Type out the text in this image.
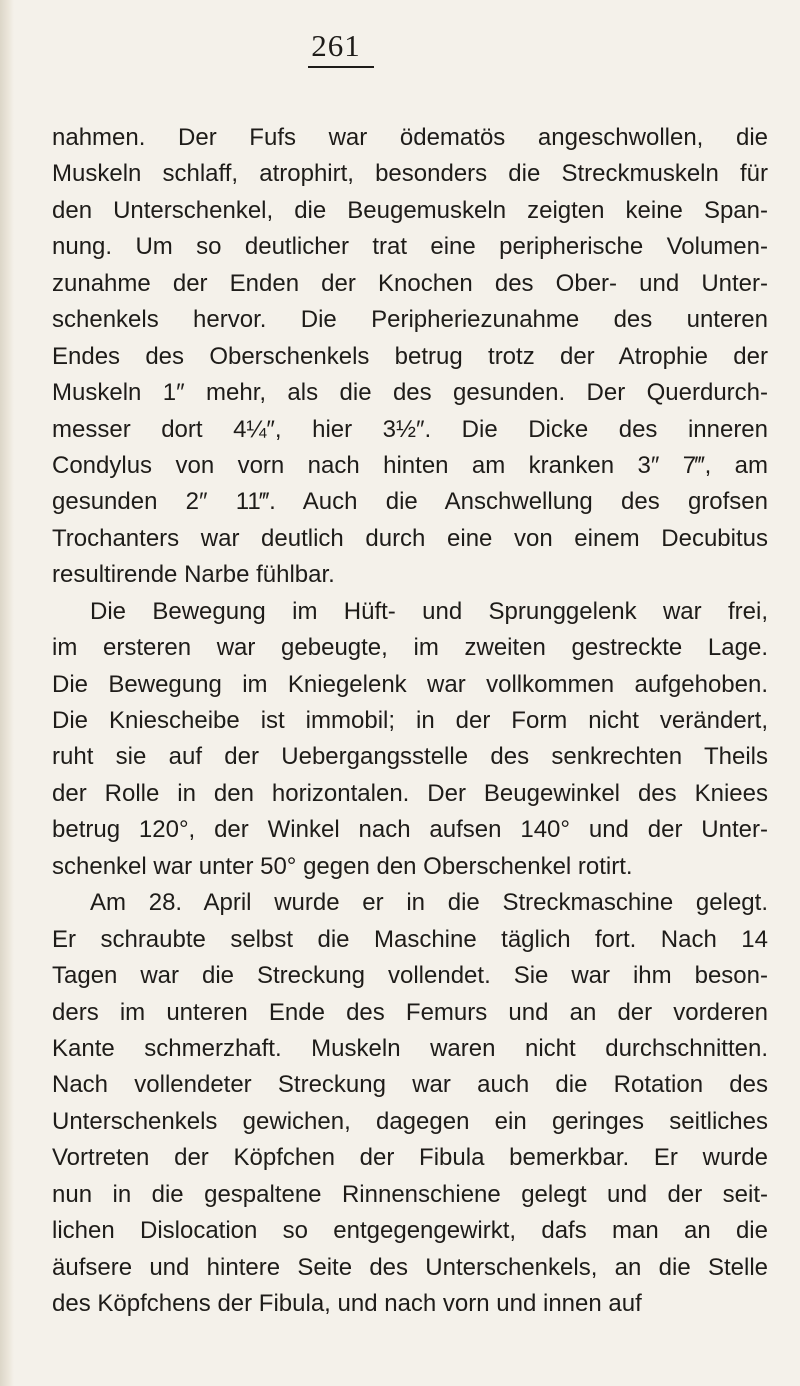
261
nahmen. Der Fufs war ödematös angeschwollen, die
Muskeln schlaff, atrophirt, besonders die Streckmuskeln für
den Unterschenkel, die Beugemuskeln zeigten keine Span-
nung. Um so deutlicher trat eine peripherische Volumen-
zunahme der Enden der Knochen des Ober- und Unter-
schenkels hervor. Die Peripheriezunahme des unteren
Endes des Oberschenkels betrug trotz der Atrophie der
Muskeln 1″ mehr, als die des gesunden. Der Querdurch-
messer dort 4¼″, hier 3½″. Die Dicke des inneren
Condylus von vorn nach hinten am kranken 3″ 7‴, am
gesunden 2″ 11‴. Auch die Anschwellung des grofsen
Trochanters war deutlich durch eine von einem Decubitus
resultirende Narbe fühlbar.
Die Bewegung im Hüft- und Sprunggelenk war frei,
im ersteren war gebeugte, im zweiten gestreckte Lage.
Die Bewegung im Kniegelenk war vollkommen aufgehoben.
Die Kniescheibe ist immobil; in der Form nicht verändert,
ruht sie auf der Uebergangsstelle des senkrechten Theils
der Rolle in den horizontalen. Der Beugewinkel des Kniees
betrug 120°, der Winkel nach aufsen 140° und der Unter-
schenkel war unter 50° gegen den Oberschenkel rotirt.
Am 28. April wurde er in die Streckmaschine gelegt.
Er schraubte selbst die Maschine täglich fort. Nach 14
Tagen war die Streckung vollendet. Sie war ihm beson-
ders im unteren Ende des Femurs und an der vorderen
Kante schmerzhaft. Muskeln waren nicht durchschnitten.
Nach vollendeter Streckung war auch die Rotation des
Unterschenkels gewichen, dagegen ein geringes seitliches
Vortreten der Köpfchen der Fibula bemerkbar. Er wurde
nun in die gespaltene Rinnenschiene gelegt und der seit-
lichen Dislocation so entgegengewirkt, dafs man an die
äufsere und hintere Seite des Unterschenkels, an die Stelle
des Köpfchens der Fibula, und nach vorn und innen auf
